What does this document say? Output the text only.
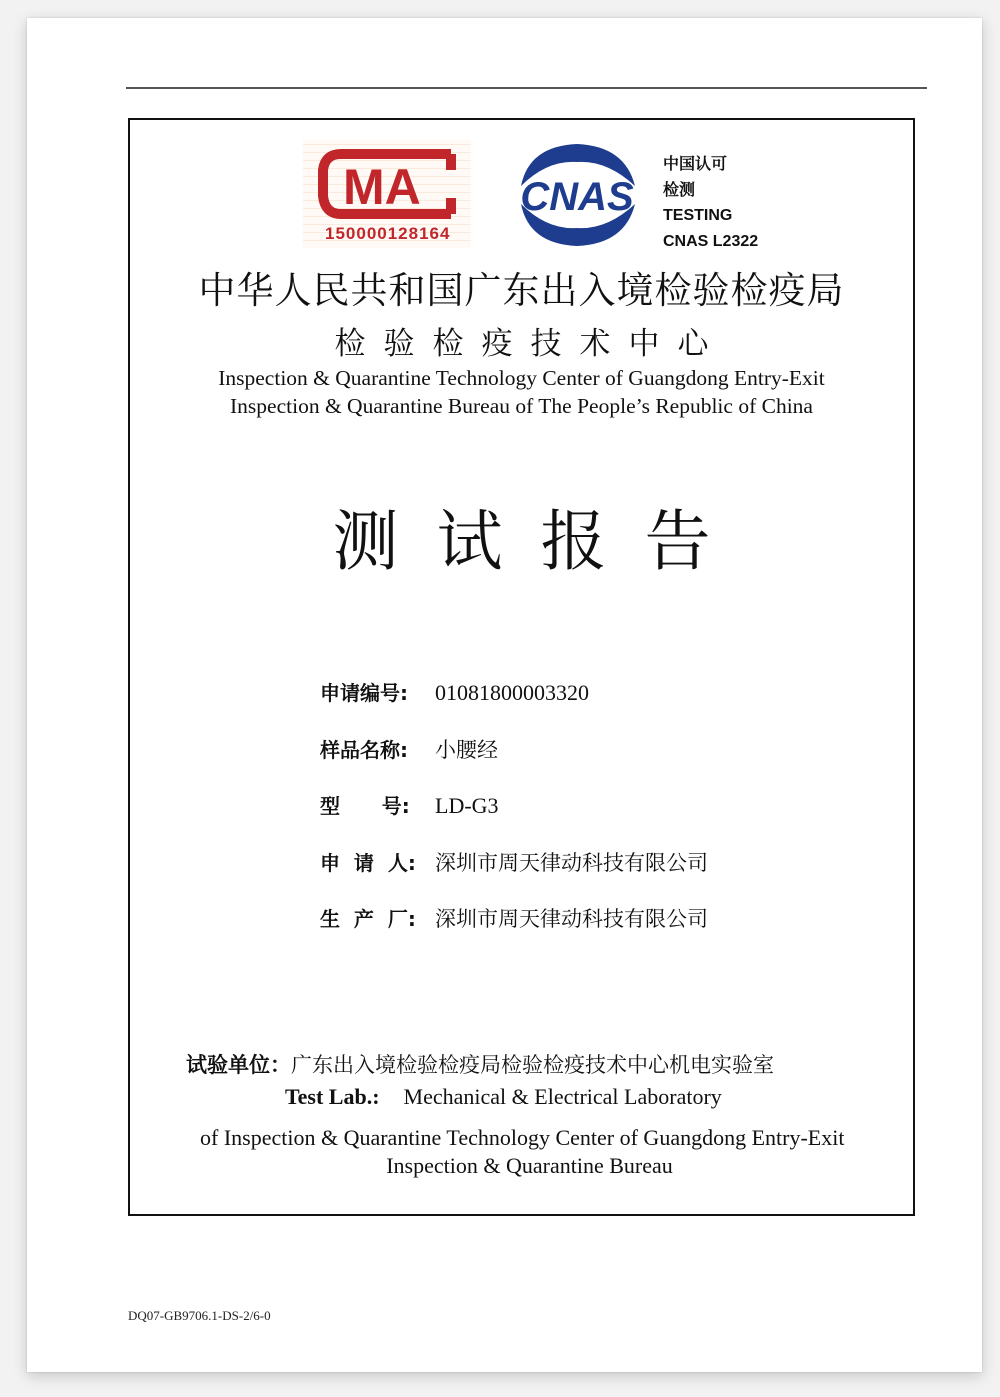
MA
150000128164
CNAS
中国认可
检测
TESTING
CNAS L2322
中华人民共和国广东出入境检验检疫局
检验检疫技术中心
Inspection & Quarantine Technology Center of Guangdong Entry-Exit
Inspection & Quarantine Bureau of The People’s Republic of China
测试报告
申请编号:	01081800003320
样品名称:	小腰经
型      号:	LD-G3
申  请  人: 深圳市周天律动科技有限公司
生  产  厂: 深圳市周天律动科技有限公司
试验单位：广东出入境检验检疫局检验检疫技术中心机电实验室
Test Lab.: Mechanical & Electrical Laboratory
of Inspection & Quarantine Technology Center of Guangdong Entry-Exit
Inspection & Quarantine Bureau
DQ07-GB9706.1-DS-2/6-0
